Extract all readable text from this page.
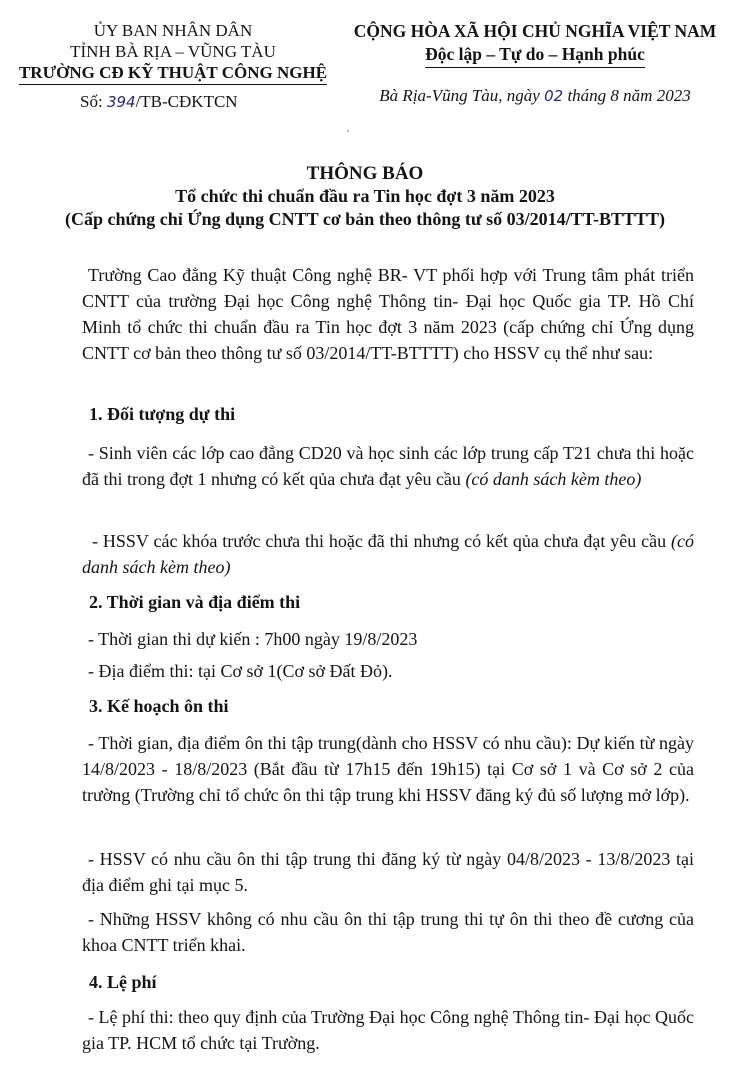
ỦY BAN NHÂN DÂN
TỈNH BÀ RỊA – VŨNG TÀU
TRƯỜNG CĐ KỸ THUẬT CÔNG NGHỆ
Số: 394/TB-CĐKTCN
CỘNG HÒA XÃ HỘI CHỦ NGHĨA VIỆT NAM
Độc lập – Tự do – Hạnh phúc
Bà Rịa-Vũng Tàu, ngày 02 tháng 8 năm 2023
'
THÔNG BÁO
Tổ chức thi chuẩn đầu ra Tin học đợt 3 năm 2023
(Cấp chứng chỉ Ứng dụng CNTT cơ bản theo thông tư số 03/2014/TT-BTTTT)
Trường Cao đẳng Kỹ thuật Công nghệ BR- VT phối hợp với Trung tâm phát triển CNTT của trường Đại học Công nghệ Thông tin- Đại học Quốc gia TP. Hồ Chí Minh tổ chức thi chuẩn đầu ra Tin học đợt 3 năm 2023 (cấp chứng chỉ Ứng dụng CNTT cơ bản theo thông tư số 03/2014/TT-BTTTT) cho HSSV cụ thể như sau:
1. Đối tượng dự thi
- Sinh viên các lớp cao đẳng CD20 và học sinh các lớp trung cấp T21 chưa thi hoặc đã thi trong đợt 1 nhưng có kết qủa chưa đạt yêu cầu (có danh sách kèm theo)
- HSSV các khóa trước chưa thi hoặc đã thi nhưng có kết qủa chưa đạt yêu cầu (có danh sách kèm theo)
2. Thời gian và địa điểm thi
- Thời gian thi dự kiến : 7h00 ngày 19/8/2023
- Địa điểm thi: tại Cơ sở 1(Cơ sở Đất Đỏ).
3. Kế hoạch ôn thi
- Thời gian, địa điểm ôn thi tập trung(dành cho HSSV có nhu cầu): Dự kiến từ ngày 14/8/2023 - 18/8/2023 (Bắt đầu từ 17h15 đến 19h15) tại Cơ sở 1 và Cơ sở 2 của trường (Trường chỉ tổ chức ôn thi tập trung khi HSSV đăng ký đủ số lượng mở lớp).
- HSSV có nhu cầu ôn thi tập trung thi đăng ký từ ngày 04/8/2023 - 13/8/2023 tại địa điểm ghi tại mục 5.
- Những HSSV không có nhu cầu ôn thi tập trung thi tự ôn thi theo đề cương của khoa CNTT triển khai.
4. Lệ phí
- Lệ phí thi: theo quy định của Trường Đại học Công nghệ Thông tin- Đại học Quốc gia TP. HCM tổ chức tại Trường.
